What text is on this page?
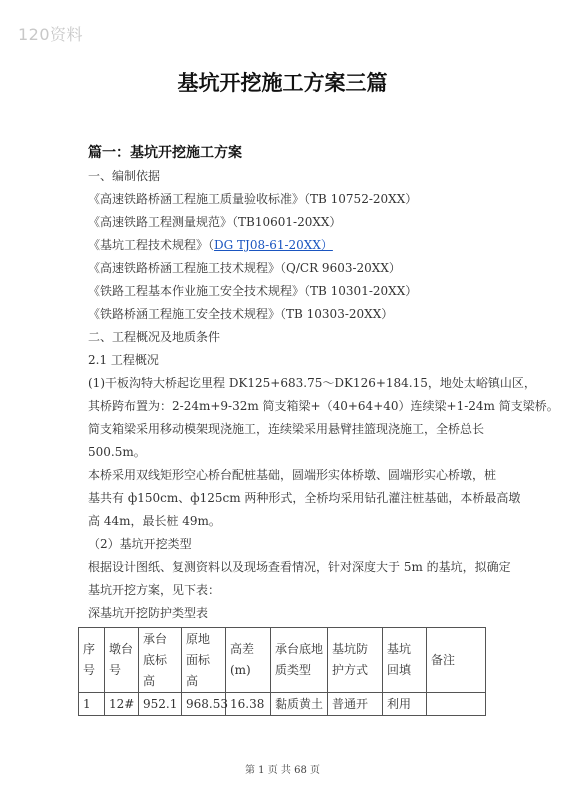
120资料
基坑开挖施工方案三篇
篇一：基坑开挖施工方案
一、编制依据
《高速铁路桥涵工程施工质量验收标准》（TB 10752-20XX）
《高速铁路工程测量规范》（TB10601-20XX）
《基坑工程技术规程》（DG TJ08-61-20XX）
《高速铁路桥涵工程施工技术规程》（Q/CR 9603-20XX）
《铁路工程基本作业施工安全技术规程》（TB 10301-20XX）
《铁路桥涵工程施工安全技术规程》（TB 10303-20XX）
二、工程概况及地质条件
2.1 工程概况
(1)干板沟特大桥起讫里程 DK125+683.75～DK126+184.15，地处太峪镇山区，
其桥跨布置为：2-24m+9-32m 简支箱梁+（40+64+40）连续梁+1-24m 简支梁桥。
简支箱梁采用移动模架现浇施工，连续梁采用悬臂挂篮现浇施工，全桥总长
500.5m。
本桥采用双线矩形空心桥台配桩基础，圆端形实体桥墩、圆端形实心桥墩，桩
基共有 ф150cm、ф125cm 两种形式，全桥均采用钻孔灌注桩基础，本桥最高墩
高 44m，最长桩 49m。
（2）基坑开挖类型
根据设计图纸、复测资料以及现场查看情况，针对深度大于 5m 的基坑，拟确定
基坑开挖方案，见下表：
深基坑开挖防护类型表
序号	墩台号	承台底标高	原地面标高	高差(m)	承台底地质类型	基坑防护方式	基坑回填	备注
1	12#	952.1	968.53	16.38	黏质黄土	普通开	利用	
第 1 页 共 68 页
